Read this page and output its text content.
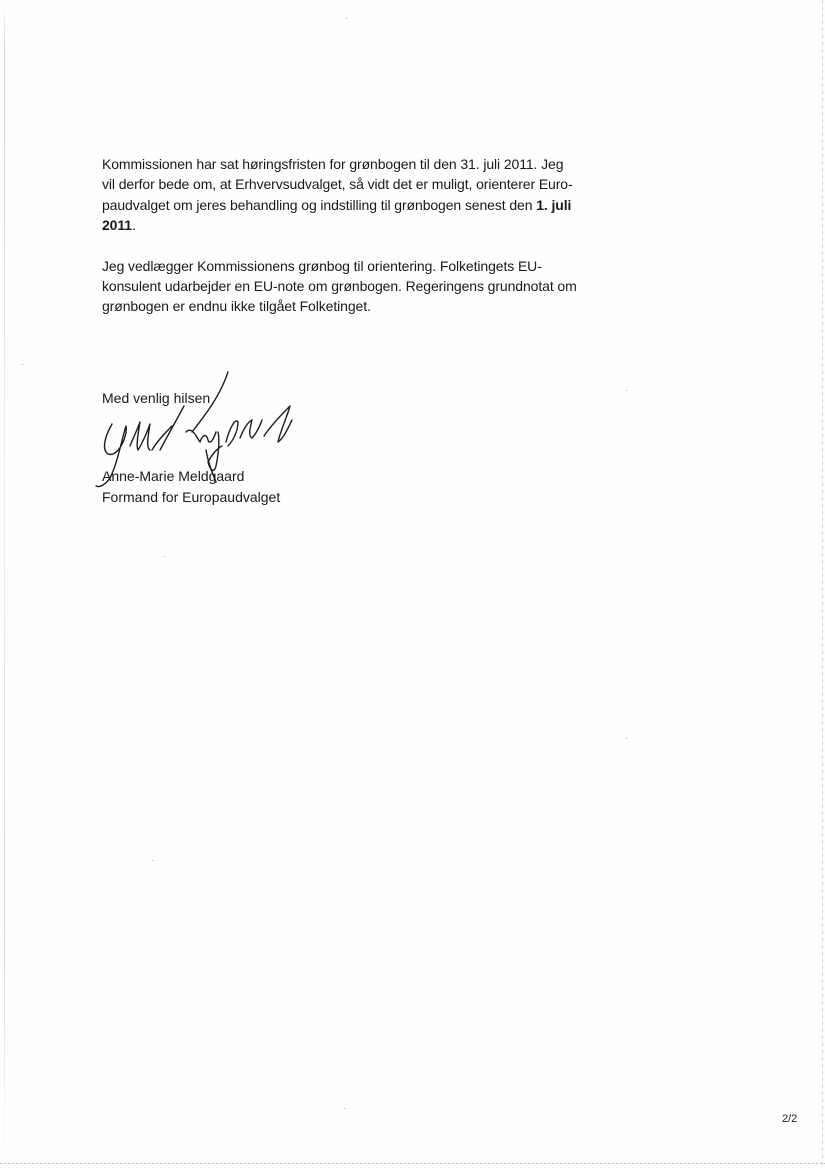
Kommissionen har sat høringsfristen for grønbogen til den 31. juli 2011. Jeg
vil derfor bede om, at Erhvervsudvalget, så vidt det er muligt, orienterer Euro-
paudvalget om jeres behandling og indstilling til grønbogen senest den 1. juli
2011.

Jeg vedlægger Kommissionens grønbog til orientering. Folketingets EU-
konsulent udarbejder en EU-note om grønbogen. Regeringens grundnotat om
grønbogen er endnu ikke tilgået Folketinget.

Med venlig hilsen
Anne-Marie Meldgaard
Formand for Europaudvalget
2/2
